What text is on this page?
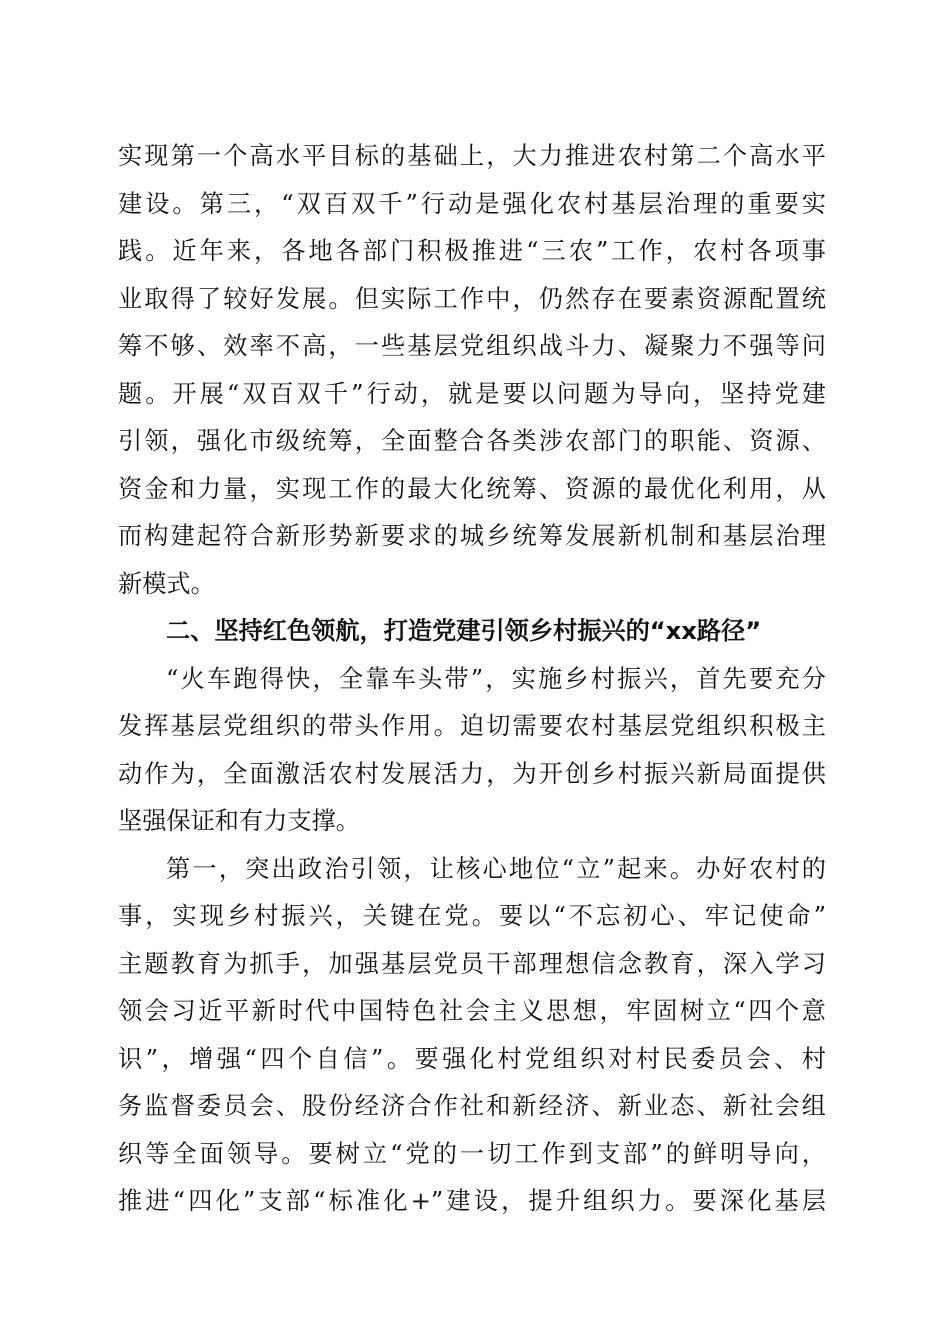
实现第一个高水平目标的基础上，大力推进农村第二个高水平
建设。第三，“双百双千”行动是强化农村基层治理的重要实
践。近年来，各地各部门积极推进“三农”工作，农村各项事
业取得了较好发展。但实际工作中，仍然存在要素资源配置统
筹不够、效率不高，一些基层党组织战斗力、凝聚力不强等问
题。开展“双百双千”行动，就是要以问题为导向，坚持党建
引领，强化市级统筹，全面整合各类涉农部门的职能、资源、
资金和力量，实现工作的最大化统筹、资源的最优化利用，从
而构建起符合新形势新要求的城乡统筹发展新机制和基层治理
新模式。
二、坚持红色领航，打造党建引领乡村振兴的“xx路径”
“火车跑得快，全靠车头带”，实施乡村振兴，首先要充分
发挥基层党组织的带头作用。迫切需要农村基层党组织积极主
动作为，全面激活农村发展活力，为开创乡村振兴新局面提供
坚强保证和有力支撑。
第一，突出政治引领，让核心地位“立”起来。办好农村的
事，实现乡村振兴，关键在党。要以“不忘初心、牢记使命”
主题教育为抓手，加强基层党员干部理想信念教育，深入学习
领会习近平新时代中国特色社会主义思想，牢固树立“四个意
识”，增强“四个自信”。要强化村党组织对村民委员会、村
务监督委员会、股份经济合作社和新经济、新业态、新社会组
织等全面领导。要树立“党的一切工作到支部”的鲜明导向，
推进“四化”支部“标准化+”建设，提升组织力。要深化基层
